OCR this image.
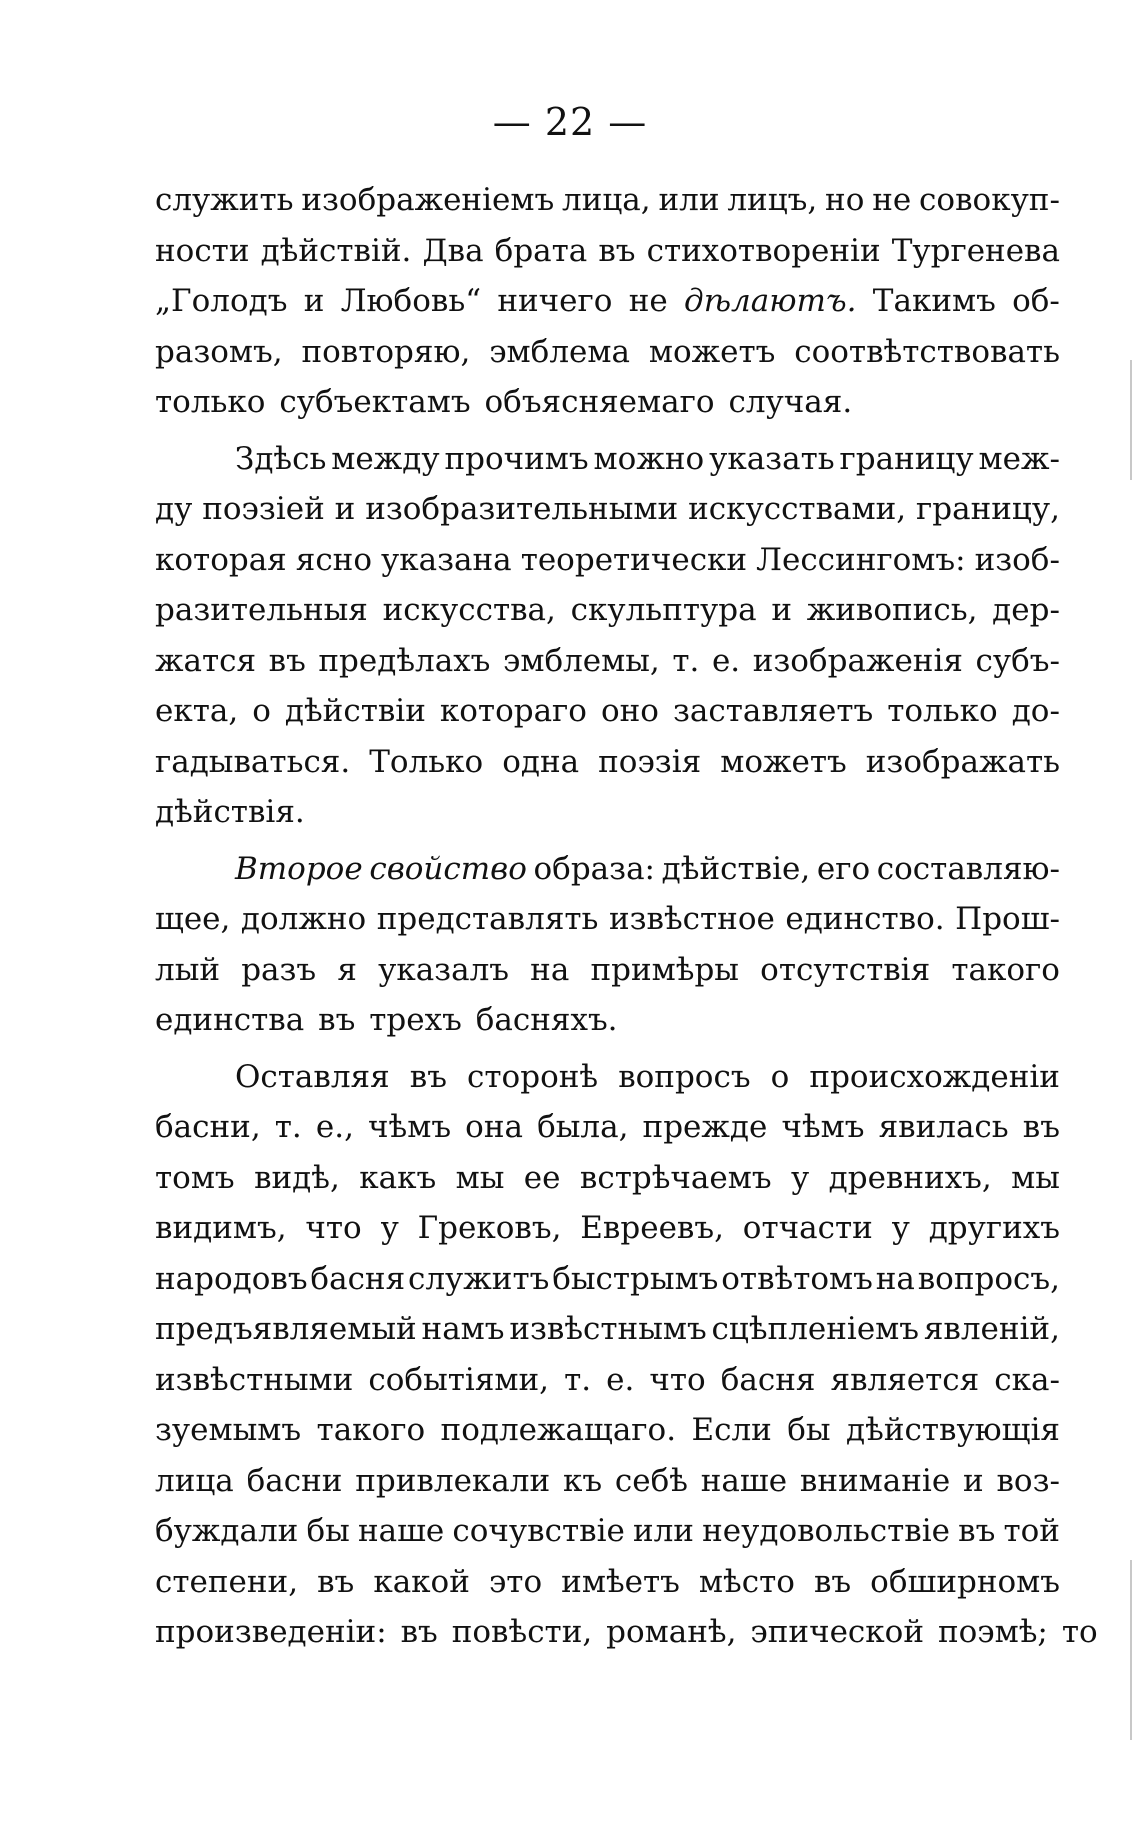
— 22 —
служить изображеніемъ лица, или лицъ, но не совокуп-
ности дѣйствій. Два брата въ стихотвореніи Тургенева
„Голодъ и Любовь“ ничего не дѣлаютъ. Такимъ об-
разомъ, повторяю, эмблема можетъ соотвѣтствовать
только субъектамъ объясняемаго случая.
Здѣсь между прочимъ можно указать границу меж-
ду поэзіей и изобразительными искусствами, границу,
которая ясно указана теоретически Лессингомъ: изоб-
разительныя искусства, скульптура и живопись, дер-
жатся въ предѣлахъ эмблемы, т. е. изображенія субъ-
екта, о дѣйствіи котораго оно заставляетъ только до-
гадываться. Только одна поэзія можетъ изображать
дѣйствія.
Второе свойство образа: дѣйствіе, его составляю-
щее, должно представлять извѣстное единство. Прош-
лый разъ я указалъ на примѣры отсутствія такого
единства въ трехъ басняхъ.
Оставляя въ сторонѣ вопросъ о происхожденіи
басни, т. е., чѣмъ она была, прежде чѣмъ явилась въ
томъ видѣ, какъ мы ее встрѣчаемъ у древнихъ, мы
видимъ, что у Грековъ, Евреевъ, отчасти у другихъ
народовъ басня служитъ быстрымъ отвѣтомъ на вопросъ,
предъявляемый намъ извѣстнымъ сцѣпленіемъ явленій,
извѣстными событіями, т. е. что басня является ска-
зуемымъ такого подлежащаго. Если бы дѣйствующія
лица басни привлекали къ себѣ наше вниманіе и воз-
буждали бы наше сочувствіе или неудовольствіе въ той
степени, въ какой это имѣетъ мѣсто въ обширномъ
произведеніи: въ повѣсти, романѣ, эпической поэмѣ; то
